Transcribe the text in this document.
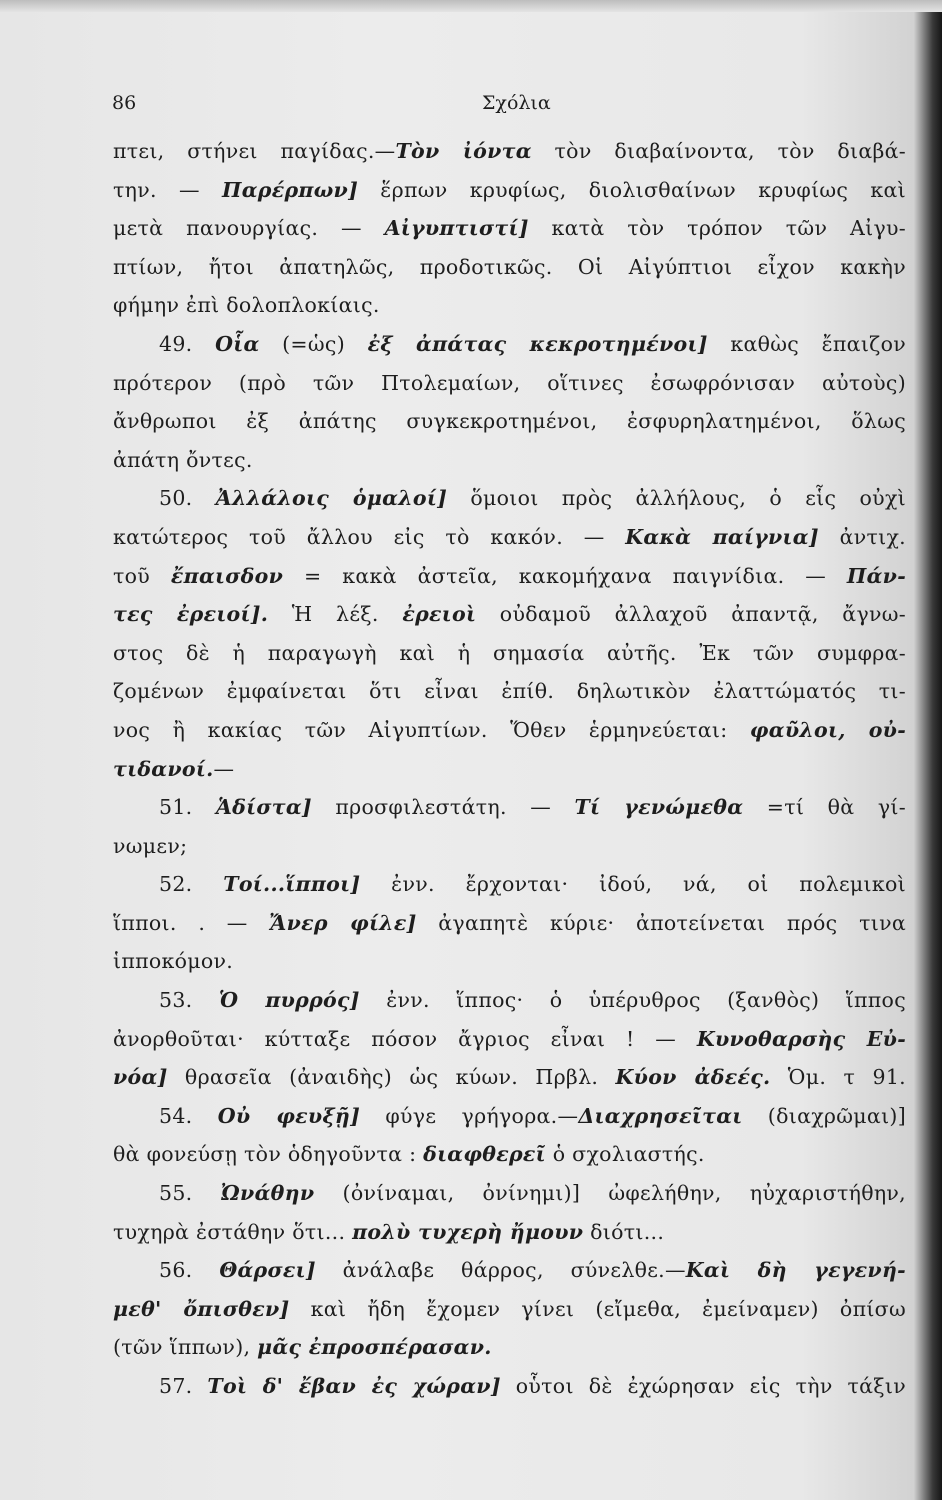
86	Σχόλια
πτει, στήνει παγίδας.—Τὸν ἰόντα τὸν διαβαίνοντα, τὸν διαβά-
την. — Παρέρπων] ἕρπων κρυφίως, διολισθαίνων κρυφίως καὶ
μετὰ πανουργίας. — Αἰγυπτιστί] κατὰ τὸν τρόπον τῶν Αἰγυ-
πτίων, ἤτοι ἀπατηλῶς, προδοτικῶς. Οἱ Αἰγύπτιοι εἶχον κακὴν
φήμην ἐπὶ δολοπλοκίαις.
49. Οἷα (=ὡς) ἐξ ἀπάτας κεκροτημένοι] καθὼς ἔπαιζον
πρότερον (πρὸ τῶν Πτολεμαίων, οἵτινες ἐσωφρόνισαν αὐτοὺς)
ἄνθρωποι ἐξ ἀπάτης συγκεκροτημένοι, ἐσφυρηλατημένοι, ὅλως
ἀπάτη ὄντες.
50. Ἀλλάλοις ὁμαλοί] ὅμοιοι πρὸς ἀλλήλους, ὁ εἷς οὐχὶ
κατώτερος τοῦ ἄλλου εἰς τὸ κακόν. — Κακὰ παίγνια] ἀντιχ.
τοῦ ἔπαισδον = κακὰ ἀστεῖα, κακομήχανα παιγνίδια. — Πάν-
τες ἐρειοί]. Ἡ λέξ. ἐρειοὶ οὐδαμοῦ ἀλλαχοῦ ἀπαντᾷ, ἄγνω-
στος δὲ ἡ παραγωγὴ καὶ ἡ σημασία αὐτῆς. Ἐκ τῶν συμφρα-
ζομένων ἐμφαίνεται ὅτι εἶναι ἐπίθ. δηλωτικὸν ἐλαττώματός τι-
νος ἢ κακίας τῶν Αἰγυπτίων. Ὅθεν ἑρμηνεύεται: φαῦλοι, οὐ-
τιδανοί.—
51. Ἁδίστα] προσφιλεστάτη. — Τί γενώμεθα =τί θὰ γί-
νωμεν;
52. Τοί...ἵπποι] ἐνν. ἔρχονται· ἰδού, νά, οἱ πολεμικοὶ
ἵπποι. . — Ἄνερ φίλε] ἀγαπητὲ κύριε· ἀποτείνεται πρός τινα
ἱπποκόμον.
53. Ὁ πυρρός] ἐνν. ἵππος· ὁ ὑπέρυθρος (ξανθὸς) ἵππος
ἀνορθοῦται· κύτταξε πόσον ἄγριος εἶναι ! — Κυνοθαρσὴς Εὐ-
νόα] θρασεῖα (ἀναιδὴς) ὡς κύων. Πρβλ. Κύον ἀδεές. Ὁμ. τ 91.
54. Οὐ φευξῇ] φύγε γρήγορα.—Διαχρησεῖται (διαχρῶμαι)]
θὰ φονεύσῃ τὸν ὁδηγοῦντα : διαφθερεῖ ὁ σχολιαστής.
55. Ὠνάθην (ὀνίναμαι, ὀνίνημι)] ὠφελήθην, ηὐχαριστήθην,
τυχηρὰ ἐστάθην ὅτι... πολὺ τυχερὴ ἤμουν διότι...
56. Θάρσει] ἀνάλαβε θάρρος, σύνελθε.—Καὶ δὴ γεγενή-
μεθ' ὄπισθεν] καὶ ἤδη ἔχομεν γίνει (εἴμεθα, ἐμείναμεν) ὀπίσω
(τῶν ἵππων), μᾶς ἐπροσπέρασαν.
57. Τοὶ δ' ἔβαν ἐς χώραν] οὗτοι δὲ ἐχώρησαν εἰς τὴν τάξιν
